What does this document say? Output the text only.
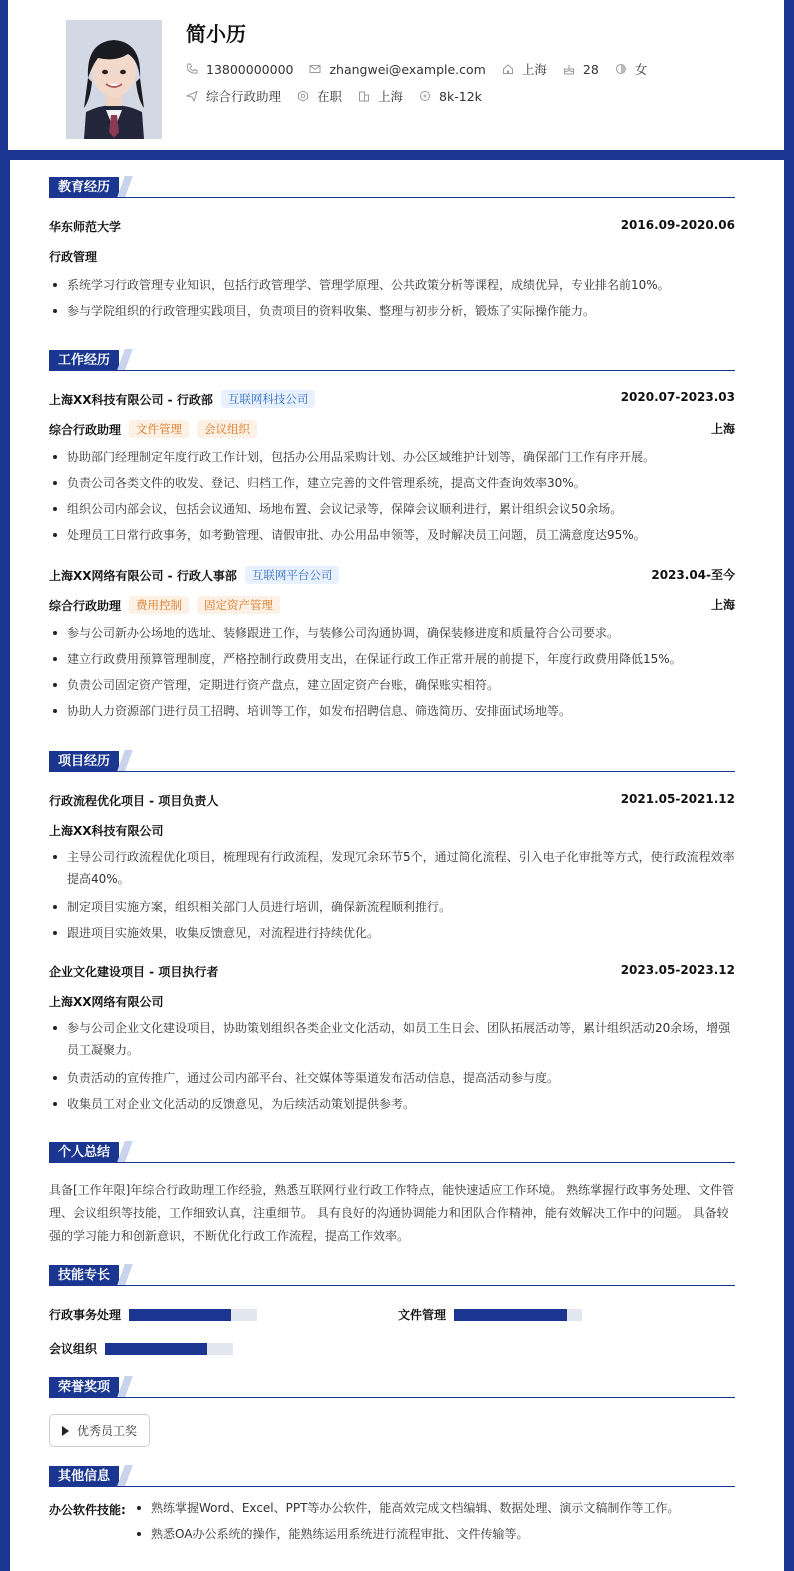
简小历
13800000000	zhangwei@example.com	上海	28	女
综合行政助理	在职	上海	8k-12k
教育经历
华东师范大学	2016.09-2020.06
行政管理
系统学习行政管理专业知识，包括行政管理学、管理学原理、公共政策分析等课程，成绩优异，专业排名前10%。
参与学院组织的行政管理实践项目，负责项目的资料收集、整理与初步分析，锻炼了实际操作能力。
工作经历
上海XX科技有限公司 - 行政部 互联网科技公司	2020.07-2023.03
综合行政助理 文件管理 会议组织	上海
协助部门经理制定年度行政工作计划，包括办公用品采购计划、办公区域维护计划等，确保部门工作有序开展。
负责公司各类文件的收发、登记、归档工作，建立完善的文件管理系统，提高文件查询效率30%。
组织公司内部会议，包括会议通知、场地布置、会议记录等，保障会议顺利进行，累计组织会议50余场。
处理员工日常行政事务，如考勤管理、请假审批、办公用品申领等，及时解决员工问题，员工满意度达95%。
上海XX网络有限公司 - 行政人事部 互联网平台公司	2023.04-至今
综合行政助理 费用控制 固定资产管理	上海
参与公司新办公场地的选址、装修跟进工作，与装修公司沟通协调，确保装修进度和质量符合公司要求。
建立行政费用预算管理制度，严格控制行政费用支出，在保证行政工作正常开展的前提下，年度行政费用降低15%。
负责公司固定资产管理，定期进行资产盘点，建立固定资产台账，确保账实相符。
协助人力资源部门进行员工招聘、培训等工作，如发布招聘信息、筛选简历、安排面试场地等。
项目经历
行政流程优化项目 - 项目负责人	2021.05-2021.12
上海XX科技有限公司
主导公司行政流程优化项目，梳理现有行政流程，发现冗余环节5个，通过简化流程、引入电子化审批等方式，使行政流程效率提高40%。
制定项目实施方案，组织相关部门人员进行培训，确保新流程顺利推行。
跟进项目实施效果，收集反馈意见，对流程进行持续优化。
企业文化建设项目 - 项目执行者	2023.05-2023.12
上海XX网络有限公司
参与公司企业文化建设项目，协助策划组织各类企业文化活动，如员工生日会、团队拓展活动等，累计组织活动20余场，增强员工凝聚力。
负责活动的宣传推广，通过公司内部平台、社交媒体等渠道发布活动信息，提高活动参与度。
收集员工对企业文化活动的反馈意见，为后续活动策划提供参考。
个人总结
具备[工作年限]年综合行政助理工作经验，熟悉互联网行业行政工作特点，能快速适应工作环境。 熟练掌握行政事务处理、文件管理、会议组织等技能，工作细致认真，注重细节。 具有良好的沟通协调能力和团队合作精神，能有效解决工作中的问题。 具备较强的学习能力和创新意识，不断优化行政工作流程，提高工作效率。
技能专长
行政事务处理	文件管理
会议组织
荣誉奖项
优秀员工奖
其他信息
办公软件技能:	熟练掌握Word、Excel、PPT等办公软件，能高效完成文档编辑、数据处理、演示文稿制作等工作。
熟悉OA办公系统的操作，能熟练运用系统进行流程审批、文件传输等。
